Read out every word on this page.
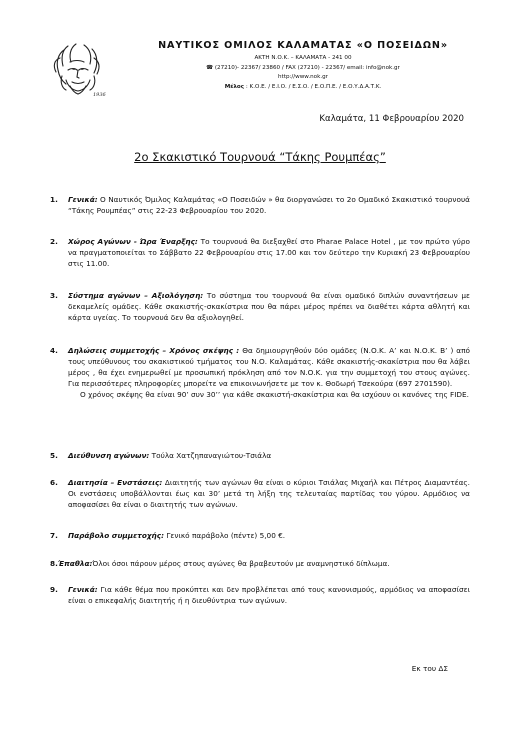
1936

ΝΑΥΤΙΚΟΣ ΟΜΙΛΟΣ ΚΑΛΑΜΑΤΑΣ «Ο ΠΟΣΕΙΔΩΝ»

ΑΚΤΗ Ν.Ο.Κ. – ΚΑΛΑΜΑΤΑ - 241 00

☎ (27210)- 22367/ 23860 / FAX (27210) - 22367/ email: info@nok.gr

http://www.nok.gr

Μέλος : Κ.Ο.Ε. / Ε.Ι.Ο. / Ε.Σ.Ο. / Ε.Ο.Π.Ε. / Ε.Ο.Υ.Δ.Α.Τ.Κ.

Καλαμάτα, 11 Φεβρουαρίου 2020
2ο Σκακιστικό Τουρνουά “Τάκης Ρουμπέας”
1. Γενικά: Ο Ναυτικός Όμιλος Καλαμάτας «Ο Ποσειδών » θα διοργανώσει το 2ο Ομαδικό Σκακιστικό τουρνουά “Τάκης Ρουμπέας” στις 22-23 Φεβρουαρίου του 2020.
2. Χώρος Αγώνων - Ώρα Έναρξης: Το τουρνουά θα διεξαχθεί στο Pharae Palace Hotel , με τον πρώτο γύρο να πραγματοποιείται το Σάββατο 22 Φεβρουαρίου στις 17.00 και τον δεύτερο την Κυριακή 23 Φεβρουαρίου στις 11.00.
3. Σύστημα αγώνων – Αξιολόγηση: Το σύστημα του τουρνουά θα είναι ομαδικό διπλών συναντήσεων με δεκαμελείς ομάδες. Κάθε σκακιστής-σκακίστρια που θα πάρει μέρος πρέπει να διαθέτει κάρτα αθλητή και κάρτα υγείας. Το τουρνουά δεν θα αξιολογηθεί.
4. Δηλώσεις συμμετοχής – Χρόνος σκέψης : Θα δημιουργηθούν δύο ομάδες (Ν.Ο.Κ. Α’ και Ν.Ο.Κ. Β’ ) από τους υπεύθυνους του σκακιστικού τμήματος του Ν.Ο. Καλαμάτας. Κάθε σκακιστής-σκακίστρια που θα λάβει μέρος , θα έχει ενημερωθεί με προσωπική πρόκληση από τον Ν.Ο.Κ. για την συμμετοχή του στους αγώνες. Για περισσότερες πληροφορίες μπορείτε να επικοινωνήσετε με τον κ. Θοδωρή Τσεκούρα (697 2701590).
Ο χρόνος σκέψης θα είναι 90’ συν 30’’ για κάθε σκακιστή-σκακίστρια και θα ισχύουν οι κανόνες της FIDE.
5. Διεύθυνση αγώνων: Τούλα Χατζηπαναγιώτου-Τσιάλα
6. Διαιτησία – Ενστάσεις: Διαιτητής των αγώνων θα είναι ο κύριοι Τσιάλας Μιχαήλ και Πέτρος Διαμαντέας. Οι ενστάσεις υποβάλλονται έως και 30’ μετά τη λήξη της τελευταίας παρτίδας του γύρου. Αρμόδιος να αποφασίσει θα είναι ο διαιτητής των αγώνων.
7. Παράβολο συμμετοχής: Γενικό παράβολο (πέντε) 5,00 €.
8.Έπαθλα:Όλοι όσοι πάρουν μέρος στους αγώνες θα βραβευτούν με αναμνηστικό δίπλωμα.
9. Γενικά: Για κάθε θέμα που προκύπτει και δεν προβλέπεται από τους κανονισμούς, αρμόδιος να αποφασίσει είναι ο επικεφαλής διαιτητής ή η διευθύντρια των αγώνων.
Εκ του ΔΣ
